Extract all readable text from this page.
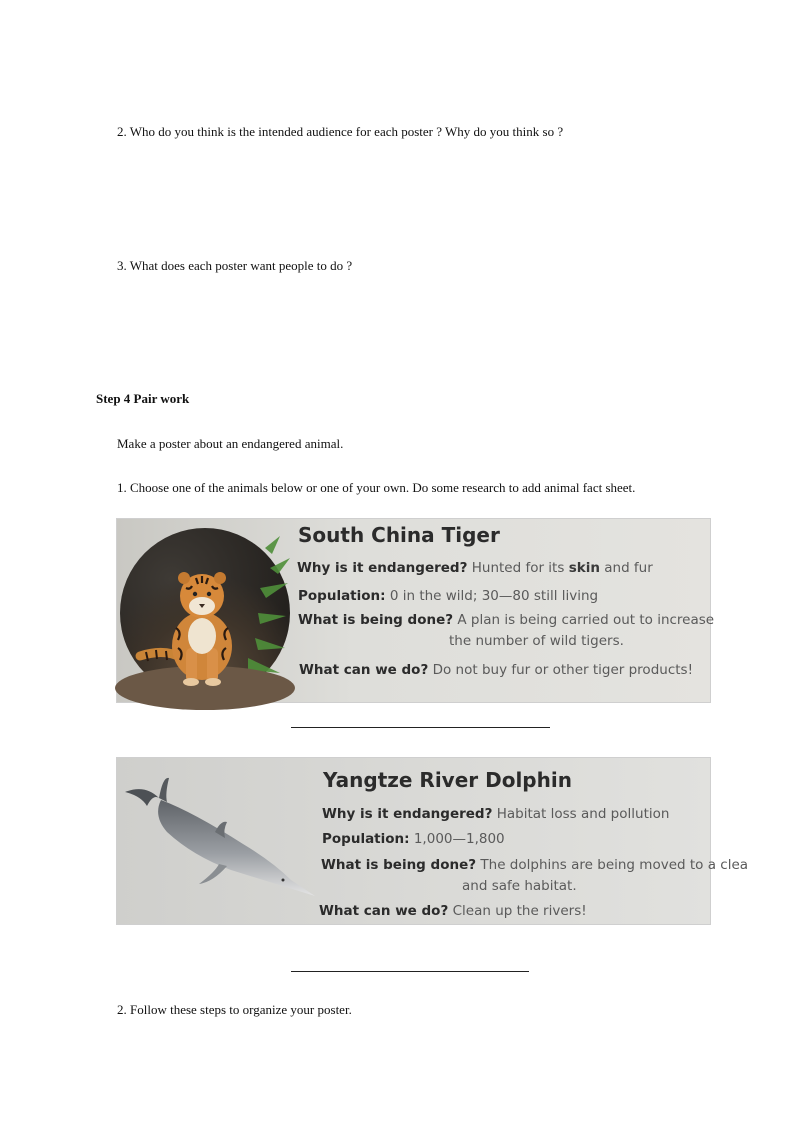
2. Who do you think is the intended audience for each poster ? Why do you think so ?
3. What does each poster want people to do ?
Step 4 Pair work
Make a poster about an endangered animal.
1. Choose one of the animals below or one of your own. Do some research to add animal fact sheet.
South China Tiger
Why is it endangered? Hunted for its skin and fur
Population: 0 in the wild; 30—80 still living
What is being done? A plan is being carried out to increase
the number of wild tigers.
What can we do? Do not buy fur or other tiger products!
Yangtze River Dolphin
Why is it endangered? Habitat loss and pollution
Population: 1,000—1,800
What is being done? The dolphins are being moved to a clea
and safe habitat.
What can we do? Clean up the rivers!
2. Follow these steps to organize your poster.
